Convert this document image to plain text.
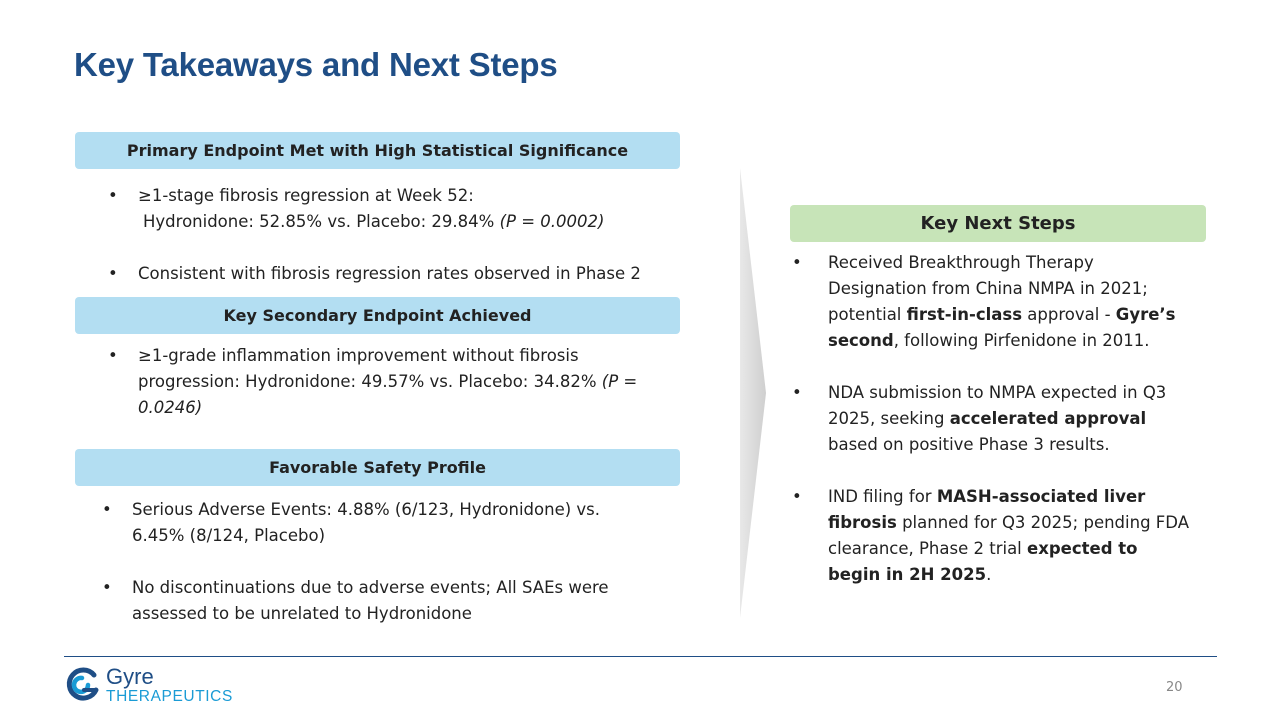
Key Takeaways and Next Steps
Primary Endpoint Met with High Statistical Significance
• ≥1-stage fibrosis regression at Week 52:
Hydronidone: 52.85% vs. Placebo: 29.84% (P = 0.0002)
• Consistent with fibrosis regression rates observed in Phase 2
Key Secondary Endpoint Achieved
• ≥1-grade inflammation improvement without fibrosis progression: Hydronidone: 49.57% vs. Placebo: 34.82% (P = 0.0246)
Favorable Safety Profile
• Serious Adverse Events: 4.88% (6/123, Hydronidone) vs. 6.45% (8/124, Placebo)
• No discontinuations due to adverse events; All SAEs were assessed to be unrelated to Hydronidone
Key Next Steps
• Received Breakthrough Therapy Designation from China NMPA in 2021; potential first-in-class approval - Gyre’s second, following Pirfenidone in 2011.
• NDA submission to NMPA expected in Q3 2025, seeking accelerated approval based on positive Phase 3 results.
• IND filing for MASH-associated liver fibrosis planned for Q3 2025; pending FDA clearance, Phase 2 trial expected to begin in 2H 2025.
Gyre
THERAPEUTICS
20
